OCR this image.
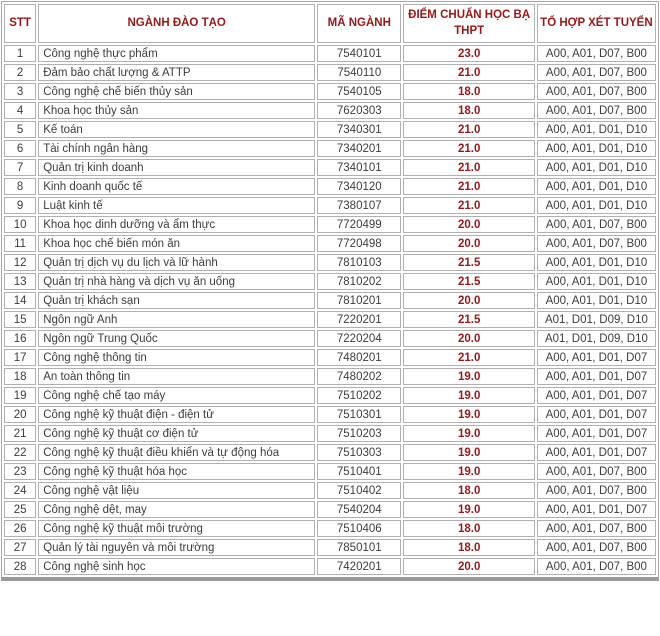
STT	NGÀNH ĐÀO TẠO	MÃ NGÀNH	ĐIỂM CHUẨN HỌC BẠ THPT	TỔ HỢP XÉT TUYỂN
1	Công nghệ thực phẩm	7540101	23.0	A00, A01, D07, B00
2	Đảm bảo chất lượng & ATTP	7540110	21.0	A00, A01, D07, B00
3	Công nghệ chế biến thủy sản	7540105	18.0	A00, A01, D07, B00
4	Khoa học thủy sản	7620303	18.0	A00, A01, D07, B00
5	Kế toán	7340301	21.0	A00, A01, D01, D10
6	Tài chính ngân hàng	7340201	21.0	A00, A01, D01, D10
7	Quản trị kinh doanh	7340101	21.0	A00, A01, D01, D10
8	Kinh doanh quốc tế	7340120	21.0	A00, A01, D01, D10
9	Luật kinh tế	7380107	21.0	A00, A01, D01, D10
10	Khoa học dinh dưỡng và ẩm thực	7720499	20.0	A00, A01, D07, B00
11	Khoa học chế biến món ăn	7720498	20.0	A00, A01, D07, B00
12	Quản trị dịch vụ du lịch và lữ hành	7810103	21.5	A00, A01, D01, D10
13	Quản trị nhà hàng và dịch vụ ăn uống	7810202	21.5	A00, A01, D01, D10
14	Quản trị khách sạn	7810201	20.0	A00, A01, D01, D10
15	Ngôn ngữ Anh	7220201	21.5	A01, D01, D09, D10
16	Ngôn ngữ Trung Quốc	7220204	20.0	A01, D01, D09, D10
17	Công nghệ thông tin	7480201	21.0	A00, A01, D01, D07
18	An toàn thông tin	7480202	19.0	A00, A01, D01, D07
19	Công nghệ chế tạo máy	7510202	19.0	A00, A01, D01, D07
20	Công nghệ kỹ thuật điện - điện tử	7510301	19.0	A00, A01, D01, D07
21	Công nghệ kỹ thuật cơ điện tử	7510203	19.0	A00, A01, D01, D07
22	Công nghệ kỹ thuật điều khiển và tự động hóa	7510303	19.0	A00, A01, D01, D07
23	Công nghệ kỹ thuật hóa học	7510401	19.0	A00, A01, D07, B00
24	Công nghệ vật liệu	7510402	18.0	A00, A01, D07, B00
25	Công nghệ dệt, may	7540204	19.0	A00, A01, D01, D07
26	Công nghệ kỹ thuật môi trường	7510406	18.0	A00, A01, D07, B00
27	Quản lý tài nguyên và môi trường	7850101	18.0	A00, A01, D07, B00
28	Công nghệ sinh học	7420201	20.0	A00, A01, D07, B00
